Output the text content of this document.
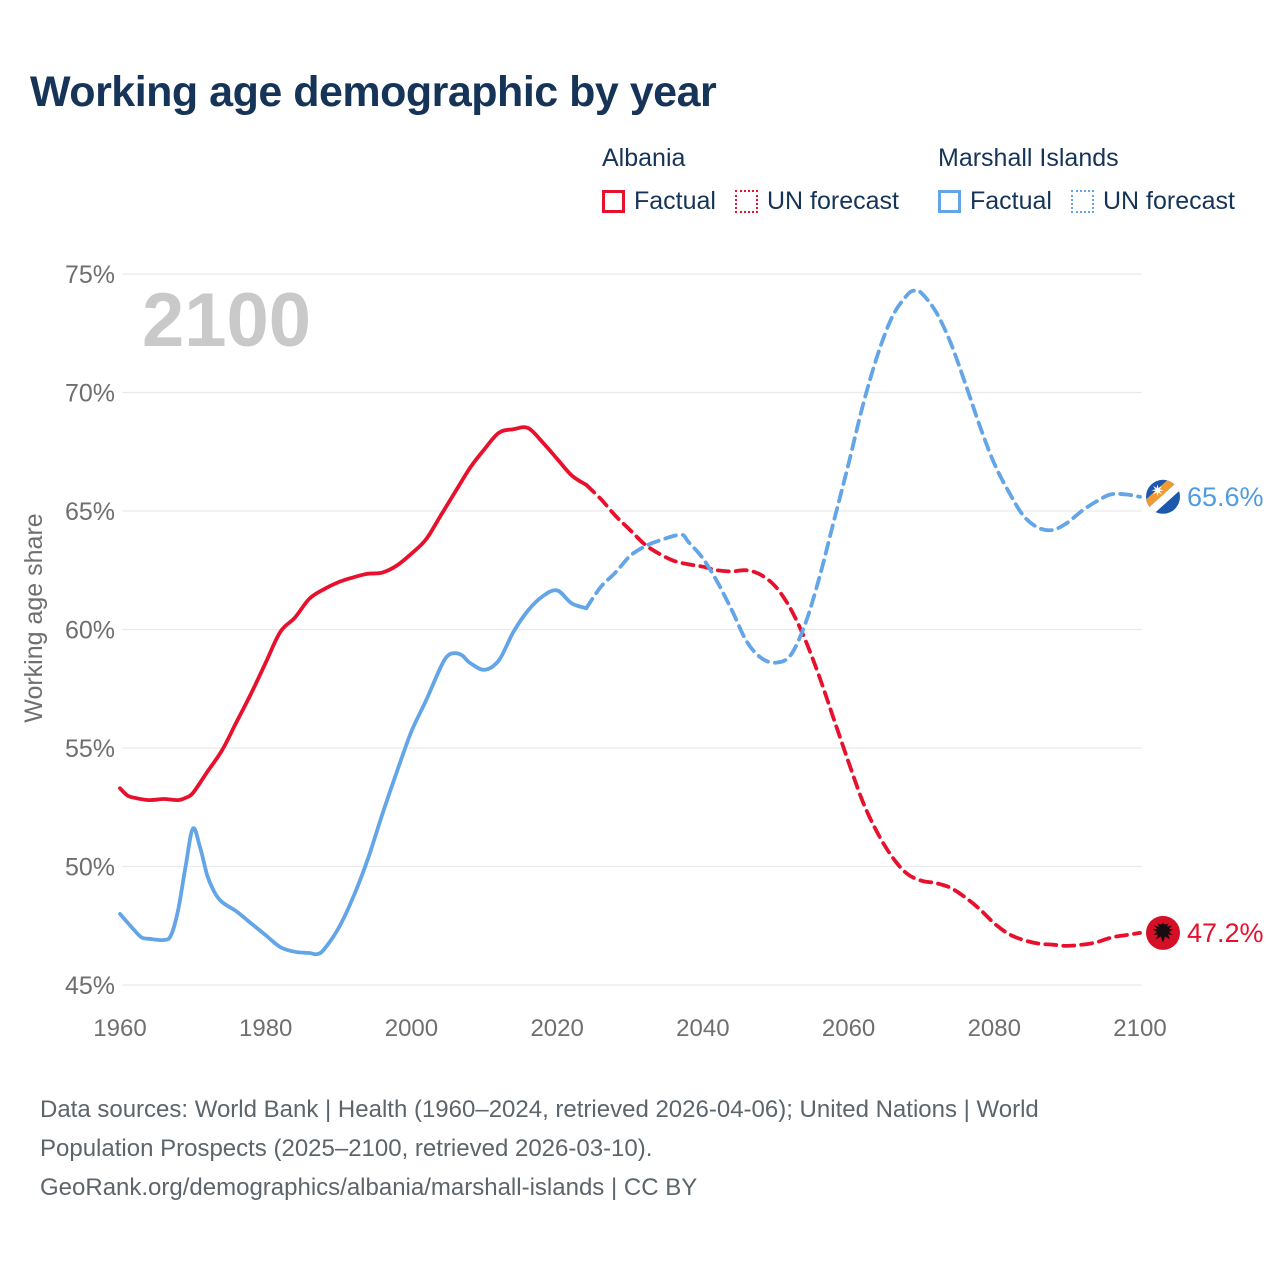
2100
75%
70%
65%
60%
55%
50%
45%
1960	1980	2000	2020	2040	2060	2080	2100
Working age share
65.6%
47.2%
Working age demographic by year
Albania
Factual UN forecast
Marshall Islands
Factual UN forecast
Data sources: World Bank | Health (1960–2024, retrieved 2026-04-06); United Nations | World
Population Prospects (2025–2100, retrieved 2026-03-10).
GeoRank.org/demographics/albania/marshall-islands | CC BY
